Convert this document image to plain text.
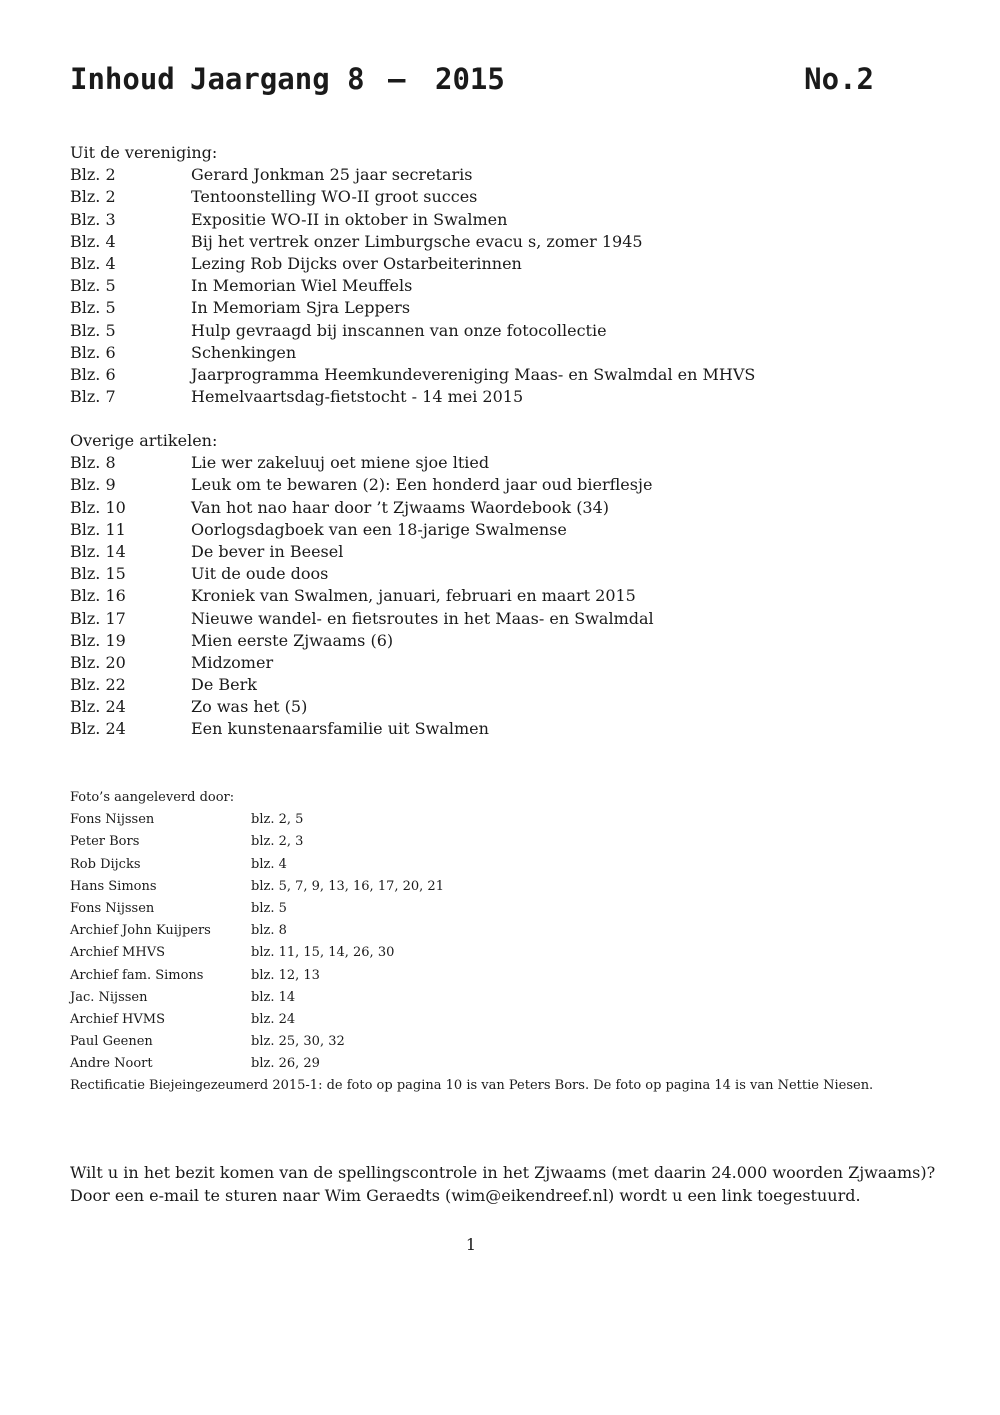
Inhoud Jaargang 8 – 2015	No.2
Uit de vereniging:
Blz. 2	Gerard Jonkman 25 jaar secretaris
Blz. 2	Tentoonstelling WO-II groot succes
Blz. 3	Expositie WO-II in oktober in Swalmen
Blz. 4	Bij het vertrek onzer Limburgsche evacu s, zomer 1945
Blz. 4	Lezing Rob Dijcks over Ostarbeiterinnen
Blz. 5	In Memorian Wiel Meuffels
Blz. 5	In Memoriam Sjra Leppers
Blz. 5	Hulp gevraagd bij inscannen van onze fotocollectie
Blz. 6	Schenkingen
Blz. 6	Jaarprogramma Heemkundevereniging Maas- en Swalmdal en MHVS
Blz. 7	Hemelvaartsdag-fietstocht - 14 mei 2015
Overige artikelen:
Blz. 8	Lie wer zakeluuj oet miene sjoe ltied
Blz. 9	Leuk om te bewaren (2): Een honderd jaar oud bierflesje
Blz. 10	Van hot nao haar door ’t Zjwaams Waordebook (34)
Blz. 11	Oorlogsdagboek van een 18-jarige Swalmense
Blz. 14	De bever in Beesel
Blz. 15	Uit de oude doos
Blz. 16	Kroniek van Swalmen, januari, februari en maart 2015
Blz. 17	Nieuwe wandel- en fietsroutes in het Maas- en Swalmdal
Blz. 19	Mien eerste Zjwaams (6)
Blz. 20	Midzomer
Blz. 22	De Berk
Blz. 24	Zo was het (5)
Blz. 24	Een kunstenaarsfamilie uit Swalmen
Foto’s aangeleverd door:
Fons Nijssen	blz. 2, 5
Peter Bors	blz. 2, 3
Rob Dijcks	blz. 4
Hans Simons	blz. 5, 7, 9, 13, 16, 17, 20, 21
Fons Nijssen	blz. 5
Archief John Kuijpers	blz. 8
Archief MHVS	blz. 11, 15, 14, 26, 30
Archief fam. Simons	blz. 12, 13
Jac. Nijssen	blz. 14
Archief HVMS	blz. 24
Paul Geenen	blz. 25, 30, 32
Andre Noort	blz. 26, 29
Rectificatie Biejeingezeumerd 2015-1: de foto op pagina 10 is van Peters Bors. De foto op pagina 14 is van Nettie Niesen.
Wilt u in het bezit komen van de spellingscontrole in het Zjwaams (met daarin 24.000 woorden Zjwaams)?
Door een e-mail te sturen naar Wim Geraedts (wim@eikendreef.nl) wordt u een link toegestuurd.
1
